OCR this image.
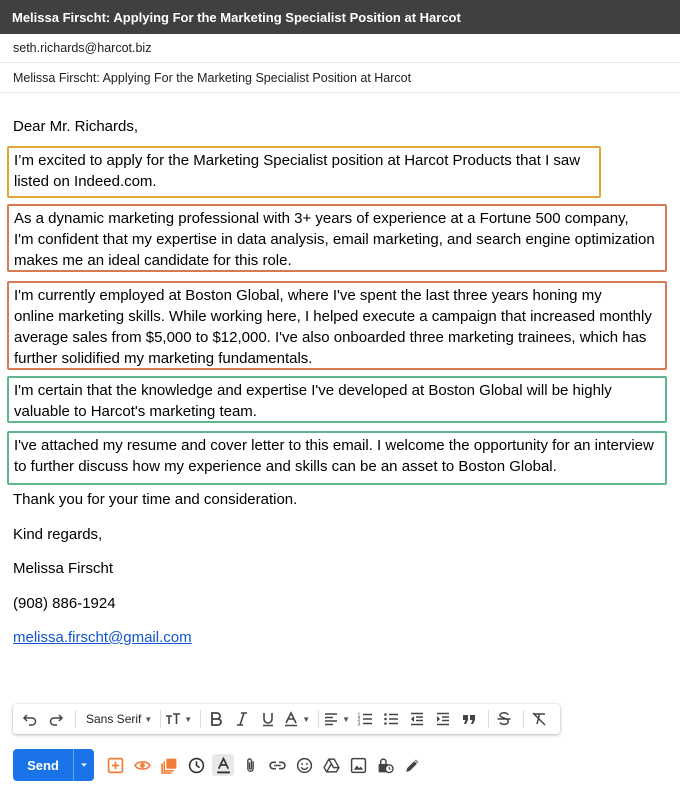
Melissa Firscht: Applying For the Marketing Specialist Position at Harcot
seth.richards@harcot.biz
Melissa Firscht: Applying For the Marketing Specialist Position at Harcot
Dear Mr. Richards,
I’m excited to apply for the Marketing Specialist position at Harcot Products that I saw
listed on Indeed.com.
As a dynamic marketing professional with 3+ years of experience at a Fortune 500 company,
I'm confident that my expertise in data analysis, email marketing, and search engine optimization
makes me an ideal candidate for this role.
I'm currently employed at Boston Global, where I've spent the last three years honing my
online marketing skills. While working here, I helped execute a campaign that increased monthly
average sales from $5,000 to $12,000. I've also onboarded three marketing trainees, which has
further solidified my marketing fundamentals.
I'm certain that the knowledge and expertise I've developed at Boston Global will be highly
valuable to Harcot's marketing team.
I've attached my resume and cover letter to this email. I welcome the opportunity for an interview
to further discuss how my experience and skills can be an asset to Boston Global.
Thank you for your time and consideration.
Kind regards,
Melissa Firscht
(908) 886-1924
melissa.firscht@gmail.com
Sans Serif ▼	▼	▼	▼ 1
2
3
Send
